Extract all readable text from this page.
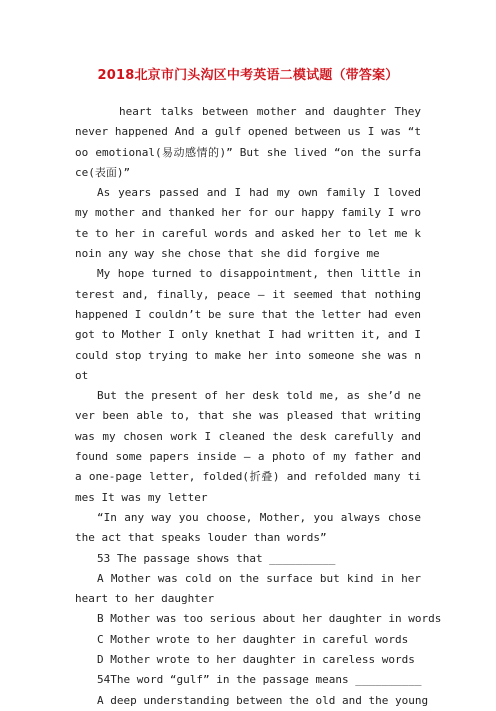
2018北京市门头沟区中考英语二模试题（带答案）

heart talks between mother and daughter They never happened And a gulf opened between us I was “too emotional(易动感情的)” But she lived “on the surface(表面)”

As years passed and I had my own family I loved my mother and thanked her for our happy family I wrote to her in careful words and asked her to let me knoin any way she chose that she did forgive me

My hope turned to disappointment, then little interest and, finally, peace — it seemed that nothing happened I couldn’t be sure that the letter had even got to Mother I only knethat I had written it, and I could stop trying to make her into someone she was not

But the present of her desk told me, as she’d never been able to, that she was pleased that writing was my chosen work I cleaned the desk carefully and found some papers inside — a photo of my father and a one-page letter, folded(折叠) and refolded many times It was my letter

“In any way you choose, Mother, you always chose the act that speaks louder than words”

53 The passage shows that __________

A Mother was cold on the surface but kind in her heart to her daughter

B Mother was too serious about her daughter in words

C Mother wrote to her daughter in careful words

D Mother wrote to her daughter in careless words

54The word “gulf” in the passage means __________

A deep understanding between the old and the young
